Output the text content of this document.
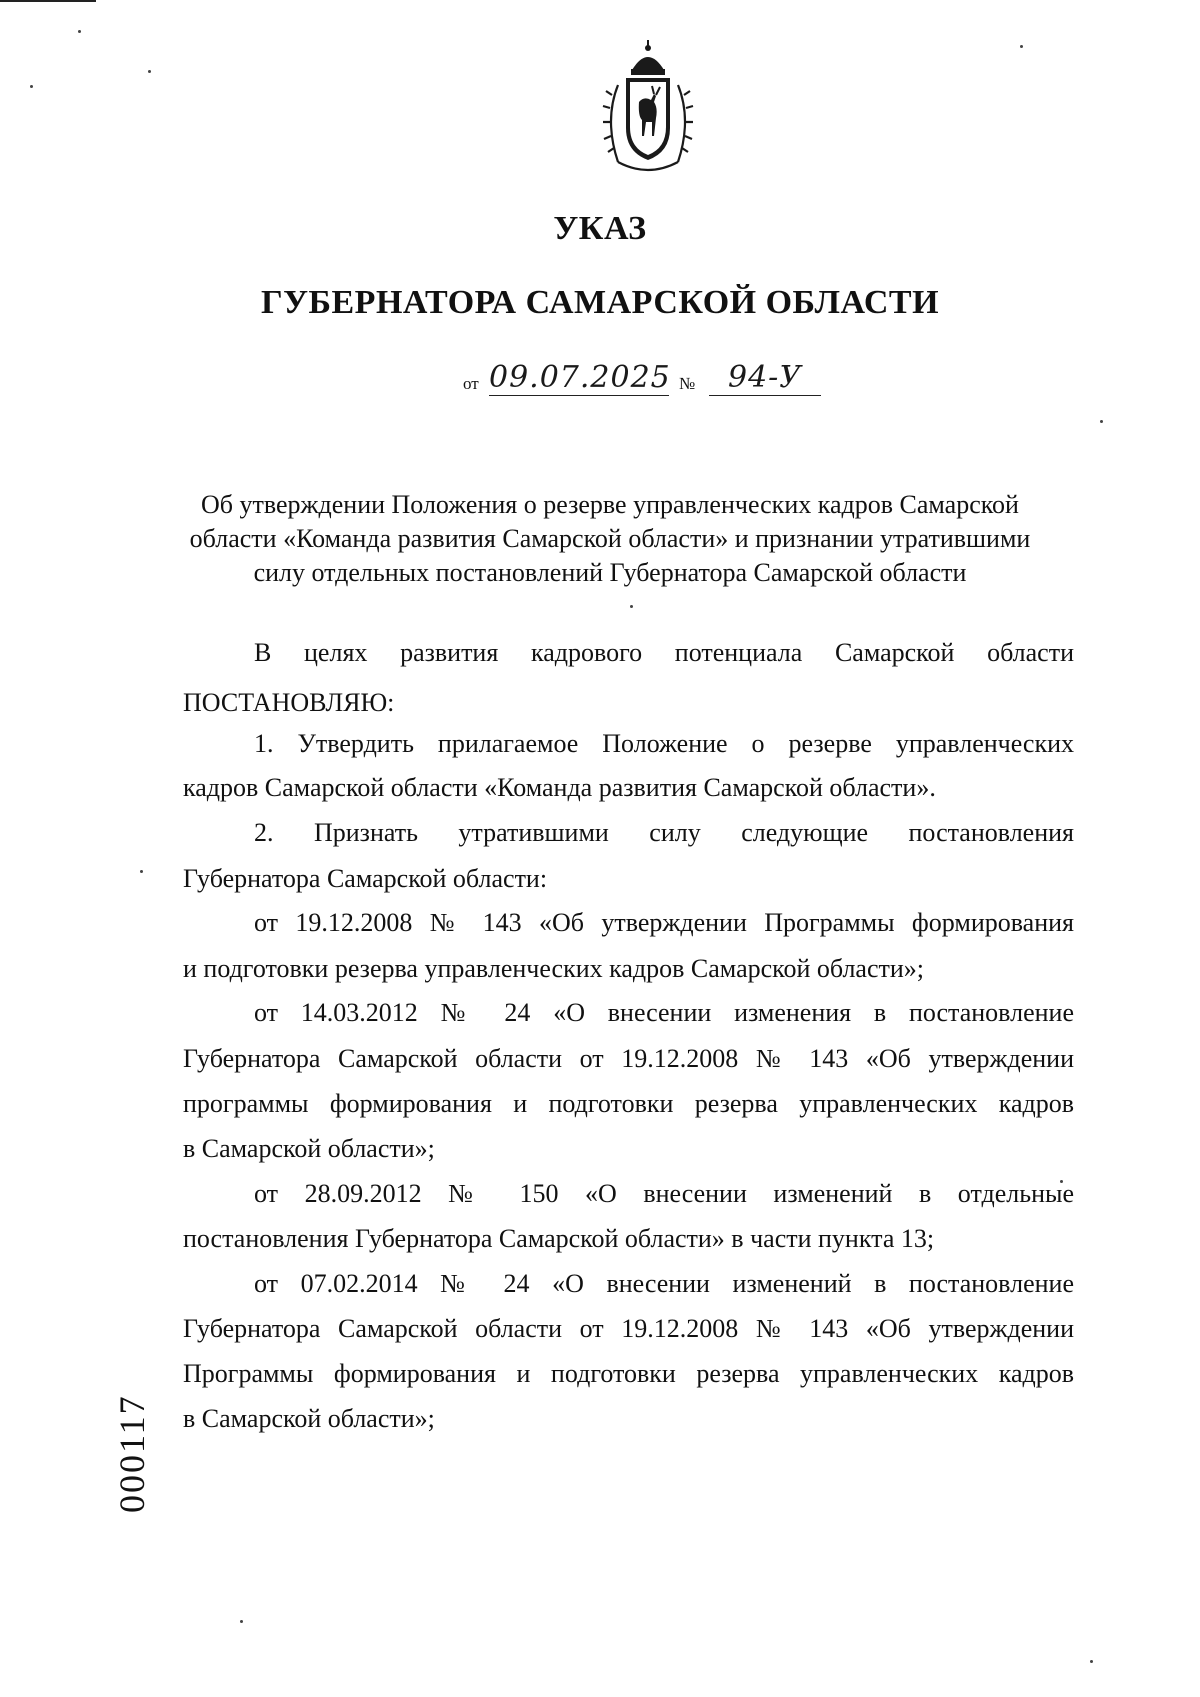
УКАЗ
ГУБЕРНАТОРА САМАРСКОЙ ОБЛАСТИ
от 09.07.2025 №	94-У
Об утверждении Положения о резерве управленческих кадров Самарской
области «Команда развития Самарской области» и признании утратившими
силу отдельных постановлений Губернатора Самарской области
В целях развития кадрового потенциала Самарской области
ПОСТАНОВЛЯЮ:
1. Утвердить прилагаемое Положение о резерве управленческих
кадров Самарской области «Команда развития Самарской области».
2. Признать утратившими силу следующие постановления
Губернатора Самарской области:
от 19.12.2008 № 143 «Об утверждении Программы формирования
и подготовки резерва управленческих кадров Самарской области»;
от 14.03.2012 № 24 «О внесении изменения в постановление
Губернатора Самарской области от 19.12.2008 № 143 «Об утверждении
программы формирования и подготовки резерва управленческих кадров
в Самарской области»;
от 28.09.2012 № 150 «О внесении изменений в отдельные
постановления Губернатора Самарской области» в части пункта 13;
от 07.02.2014 № 24 «О внесении изменений в постановление
Губернатора Самарской области от 19.12.2008 № 143 «Об утверждении
Программы формирования и подготовки резерва управленческих кадров
в Самарской области»;
000117
